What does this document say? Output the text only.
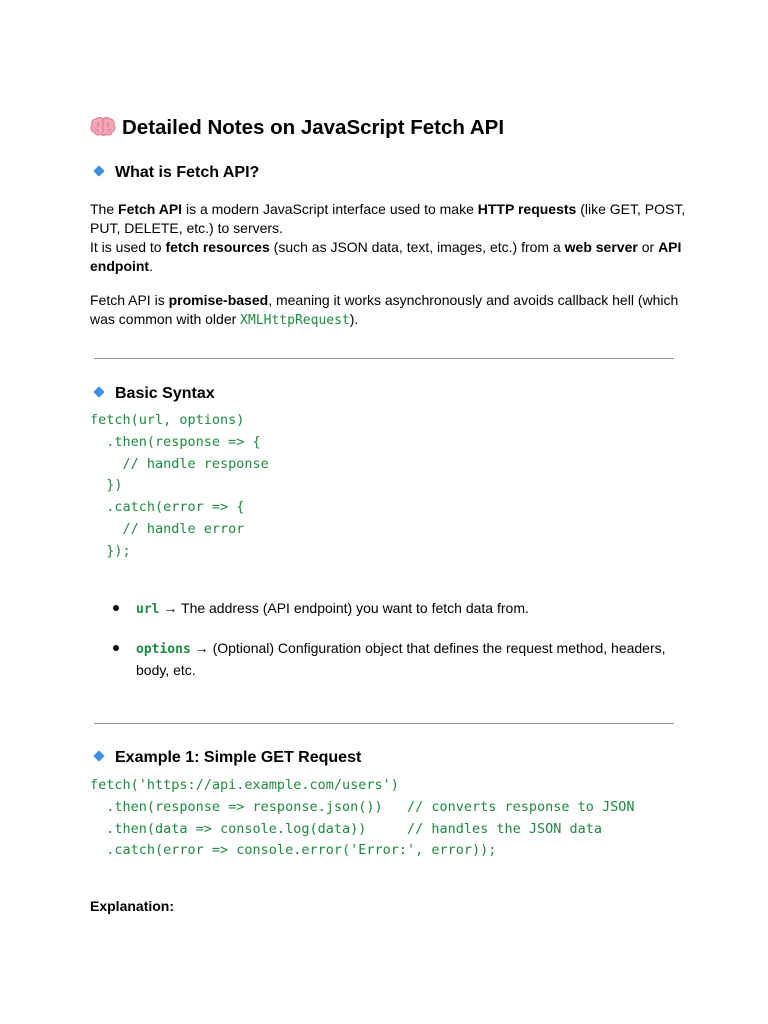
Detailed Notes on JavaScript Fetch API
What is Fetch API?
The Fetch API is a modern JavaScript interface used to make HTTP requests (like GET, POST,
PUT, DELETE, etc.) to servers.
It is used to fetch resources (such as JSON data, text, images, etc.) from a web server or API
endpoint.
Fetch API is promise-based, meaning it works asynchronously and avoids callback hell (which
was common with older XMLHttpRequest).
Basic Syntax
fetch(url, options)
.then(response => {
// handle response
})
.catch(error => {
// handle error
});
url → The address (API endpoint) you want to fetch data from.
options → (Optional) Configuration object that defines the request method, headers,
body, etc.
Example 1: Simple GET Request
fetch('https://api.example.com/users')
.then(response => response.json())   // converts response to JSON
.then(data => console.log(data))     // handles the JSON data
.catch(error => console.error('Error:', error));
Explanation:
